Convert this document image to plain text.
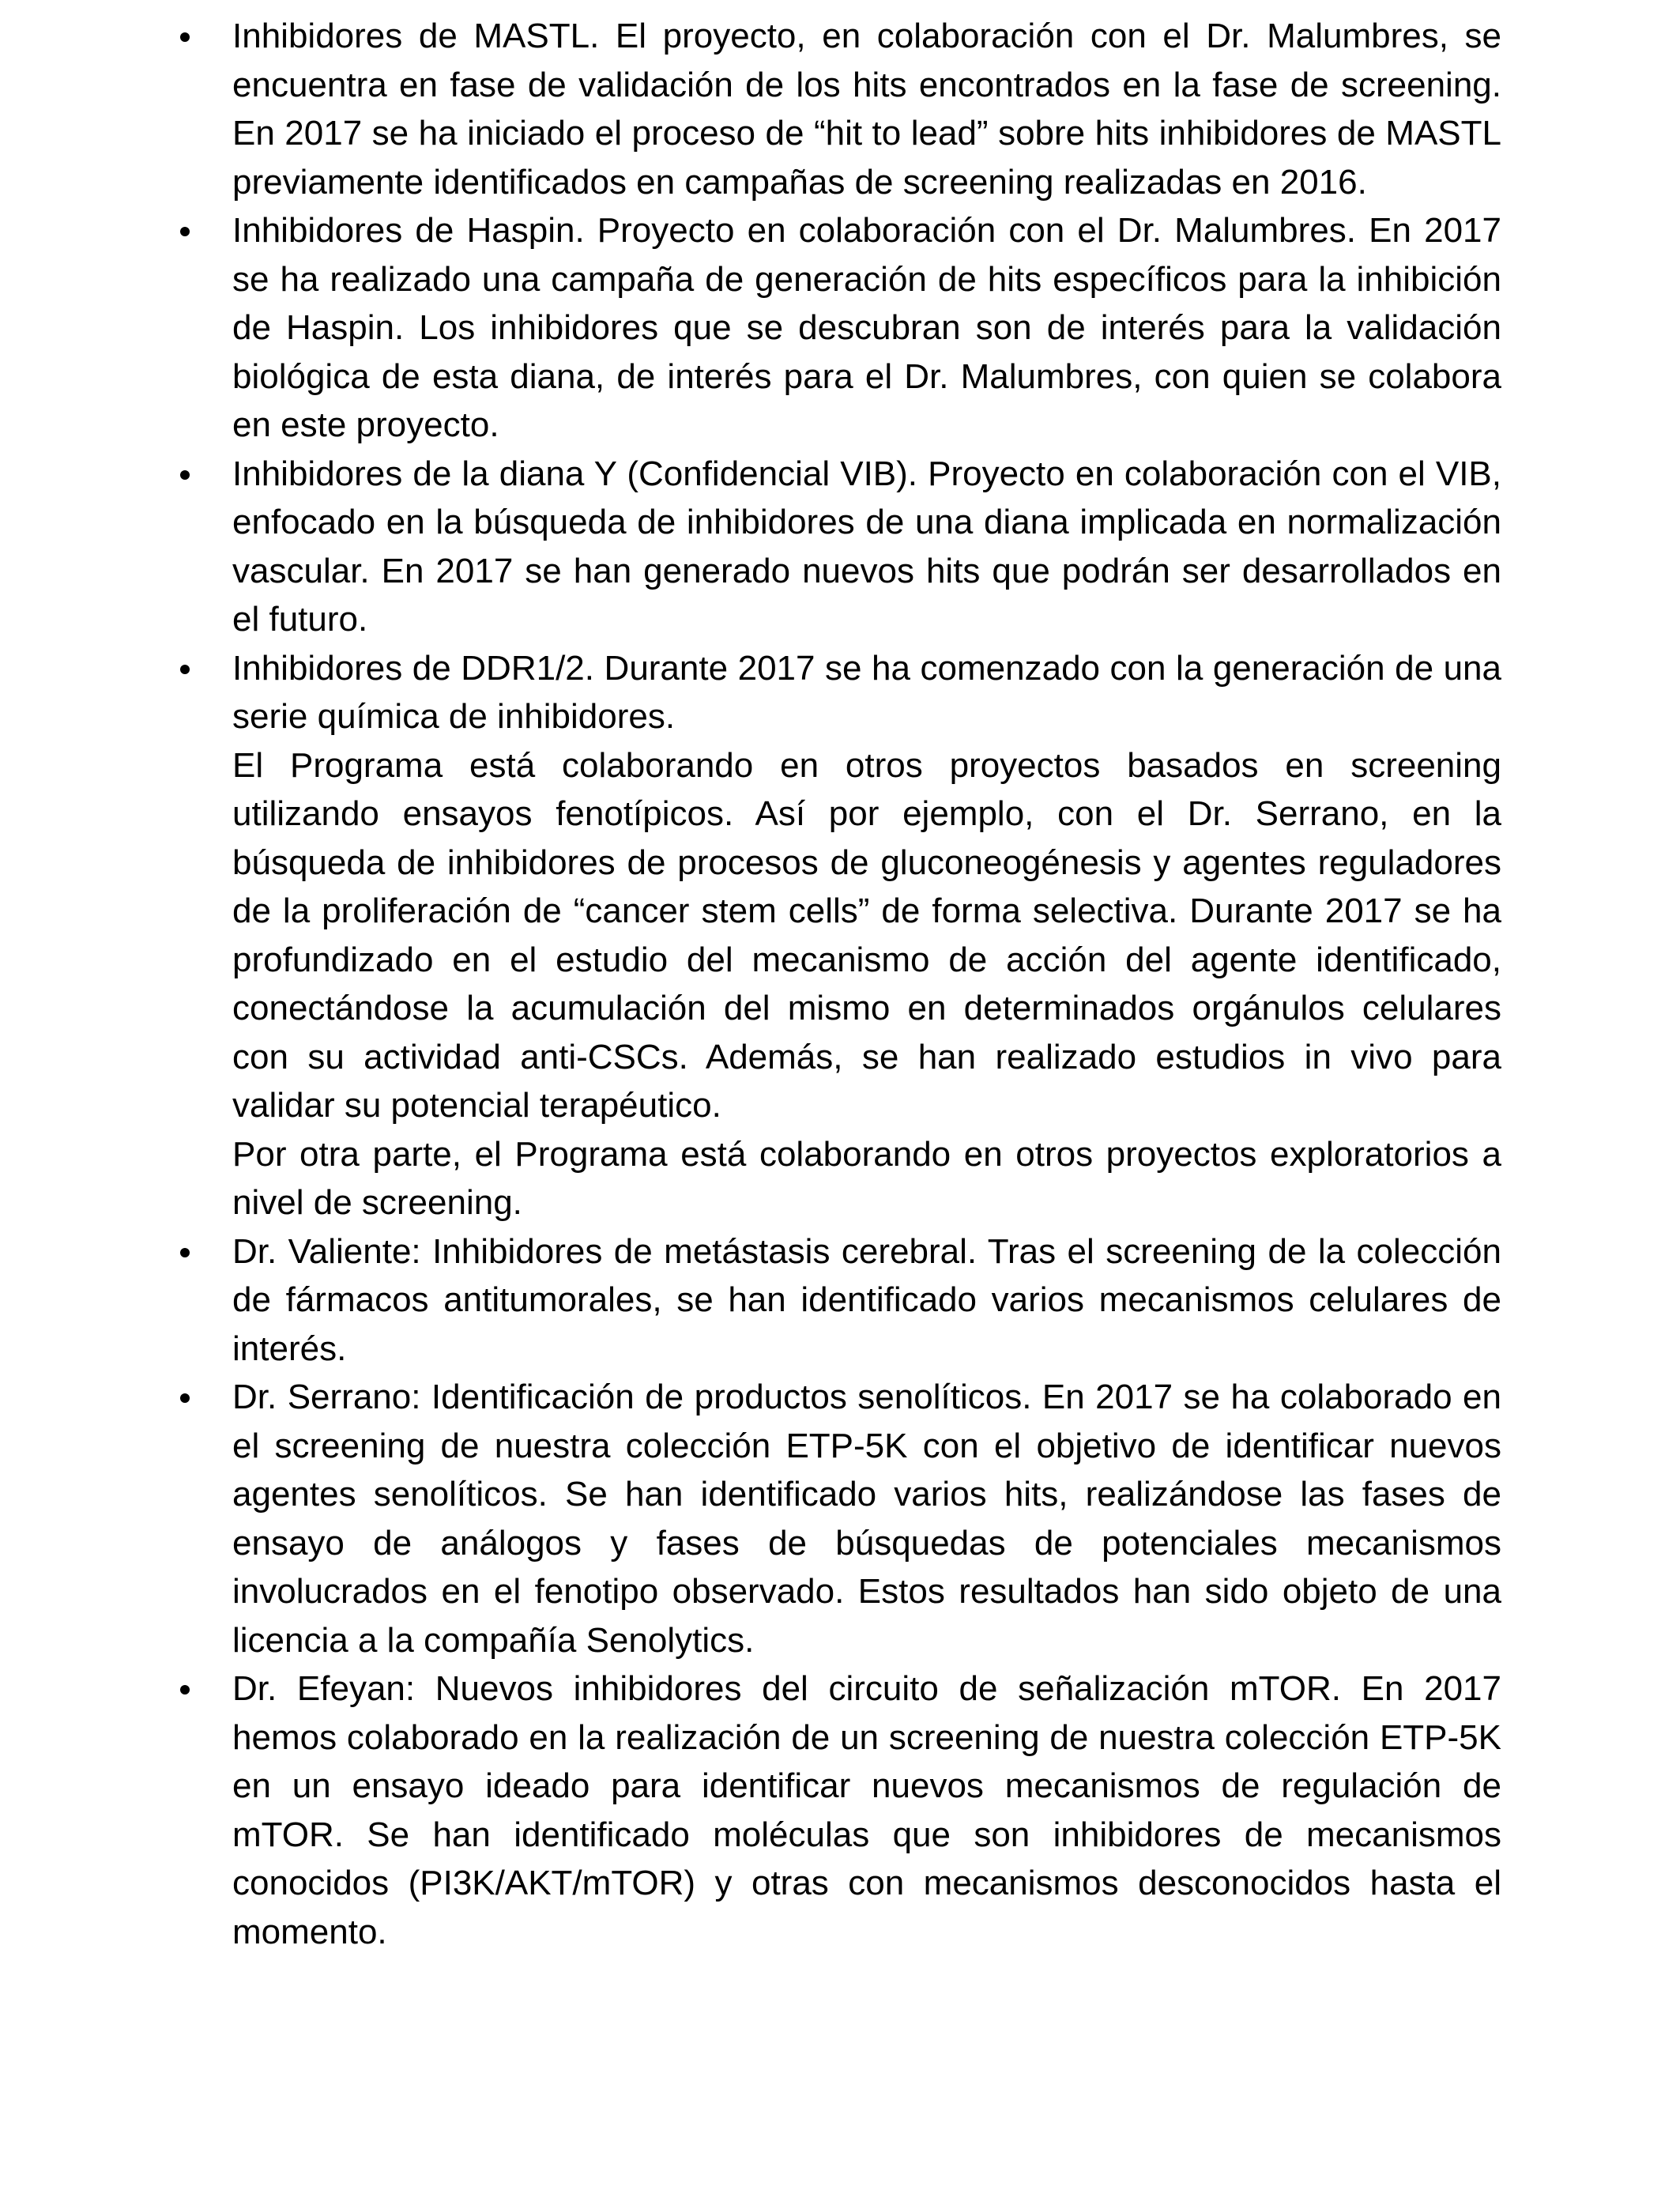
Inhibidores de MASTL. El proyecto, en colaboración con el Dr. Malumbres, se encuentra en fase de validación de los hits encontrados en la fase de screening. En 2017 se ha iniciado el proceso de “hit to lead” sobre hits inhibidores de MASTL previamente identificados en campañas de screening realizadas en 2016.
Inhibidores de Haspin. Proyecto en colaboración con el Dr. Malumbres. En 2017 se ha realizado una campaña de generación de hits específicos para la inhibición de Haspin. Los inhibidores que se descubran son de interés para la validación biológica de esta diana, de interés para el Dr. Malumbres, con quien se colabora en este proyecto.
Inhibidores de la diana Y (Confidencial VIB). Proyecto en colaboración con el VIB, enfocado en la búsqueda de inhibidores de una diana implicada en normalización vascular. En 2017 se han generado nuevos hits que podrán ser desarrollados en el futuro.
Inhibidores de DDR1/2. Durante 2017 se ha comenzado con la generación de una serie química de inhibidores.

El Programa está colaborando en otros proyectos basados en screening utilizando ensayos fenotípicos. Así por ejemplo, con el Dr. Serrano, en la búsqueda de inhibidores de procesos de gluconeogénesis y agentes reguladores de la proliferación de “cancer stem cells” de forma selectiva. Durante 2017 se ha profundizado en el estudio del mecanismo de acción del agente identificado, conectándose la acumulación del mismo en determinados orgánulos celulares con su actividad anti-CSCs. Además, se han realizado estudios in vivo para validar su potencial terapéutico.

Por otra parte, el Programa está colaborando en otros proyectos exploratorios a nivel de screening.

Dr. Valiente: Inhibidores de metástasis cerebral. Tras el screening de la colección de fármacos antitumorales, se han identificado varios mecanismos celulares de interés.
Dr. Serrano: Identificación de productos senolíticos. En 2017 se ha colaborado en el screening de nuestra colección ETP-5K con el objetivo de identificar nuevos agentes senolíticos. Se han identificado varios hits, realizándose las fases de ensayo de análogos y fases de búsquedas de potenciales mecanismos involucrados en el fenotipo observado. Estos resultados han sido objeto de una licencia a la compañía Senolytics.
Dr. Efeyan: Nuevos inhibidores del circuito de señalización mTOR. En 2017 hemos colaborado en la realización de un screening de nuestra colección ETP-5K en un ensayo ideado para identificar nuevos mecanismos de regulación de mTOR. Se han identificado moléculas que son inhibidores de mecanismos conocidos (PI3K/AKT/mTOR) y otras con mecanismos desconocidos hasta el momento.
